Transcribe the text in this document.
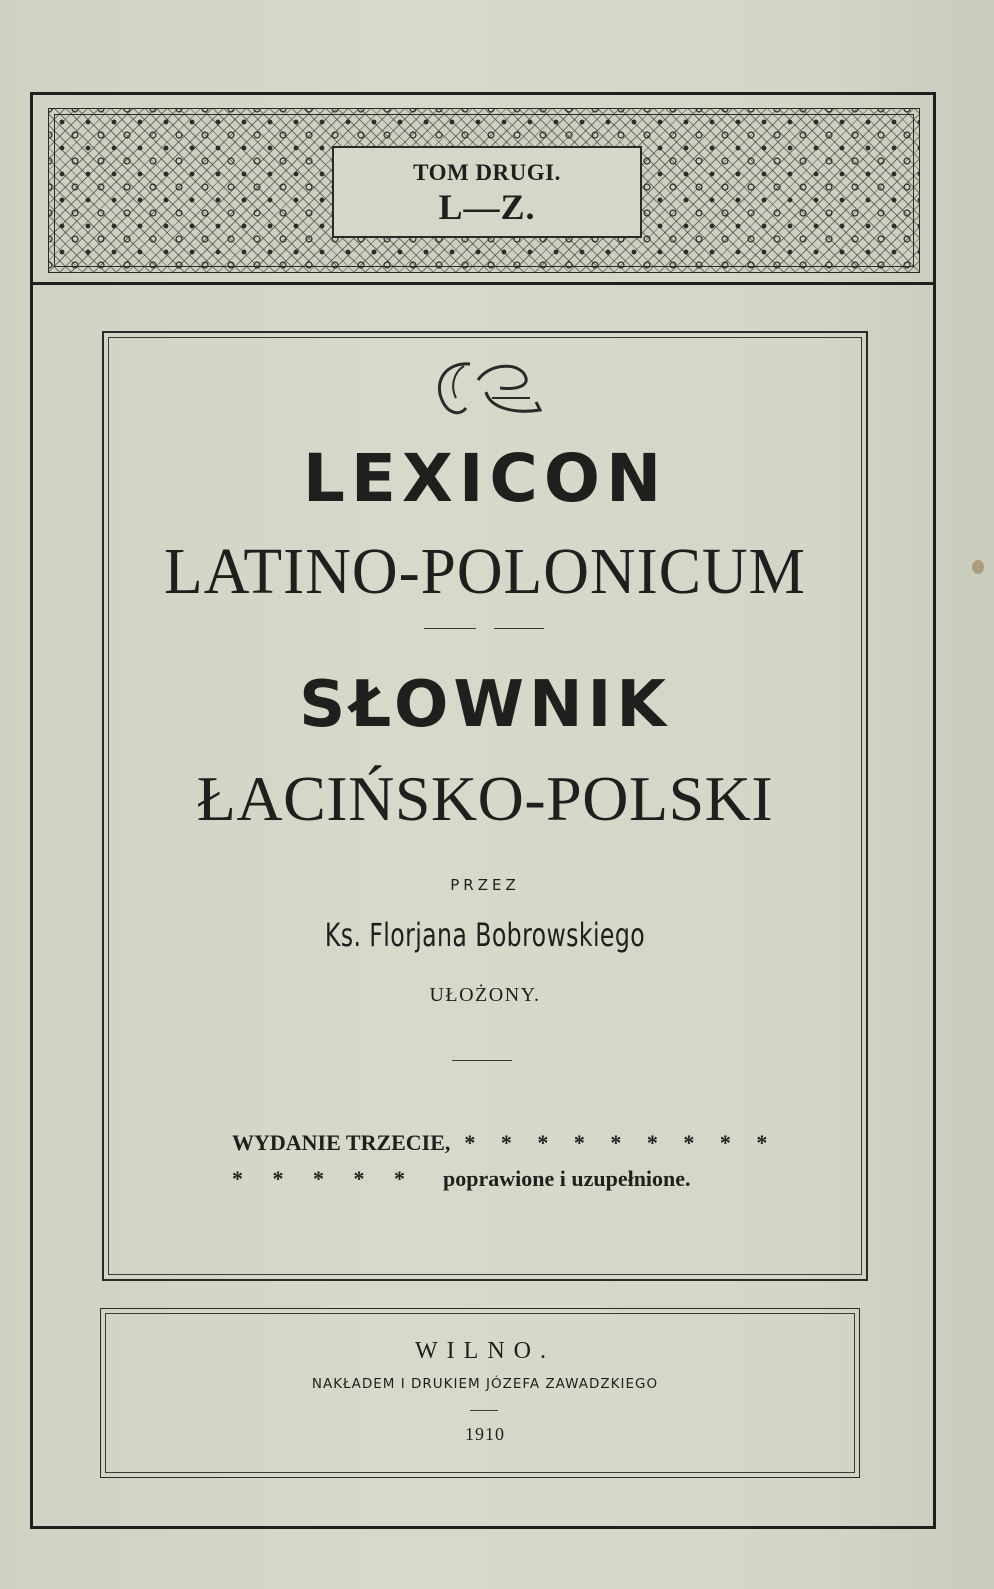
TOM DRUGI.
L—Z.
LEXICON
LATINO-POLONICUM
SŁOWNIK
ŁACIŃSKO-POLSKI
PRZEZ
Ks. Florjana Bobrowskiego
UŁOŻONY.
WYDANIE TRZECIE, * * * * * * * * *
* * * * * poprawione i uzupełnione.
WILNO.
NAKŁADEM I DRUKIEM JÓZEFA ZAWADZKIEGO
1910
